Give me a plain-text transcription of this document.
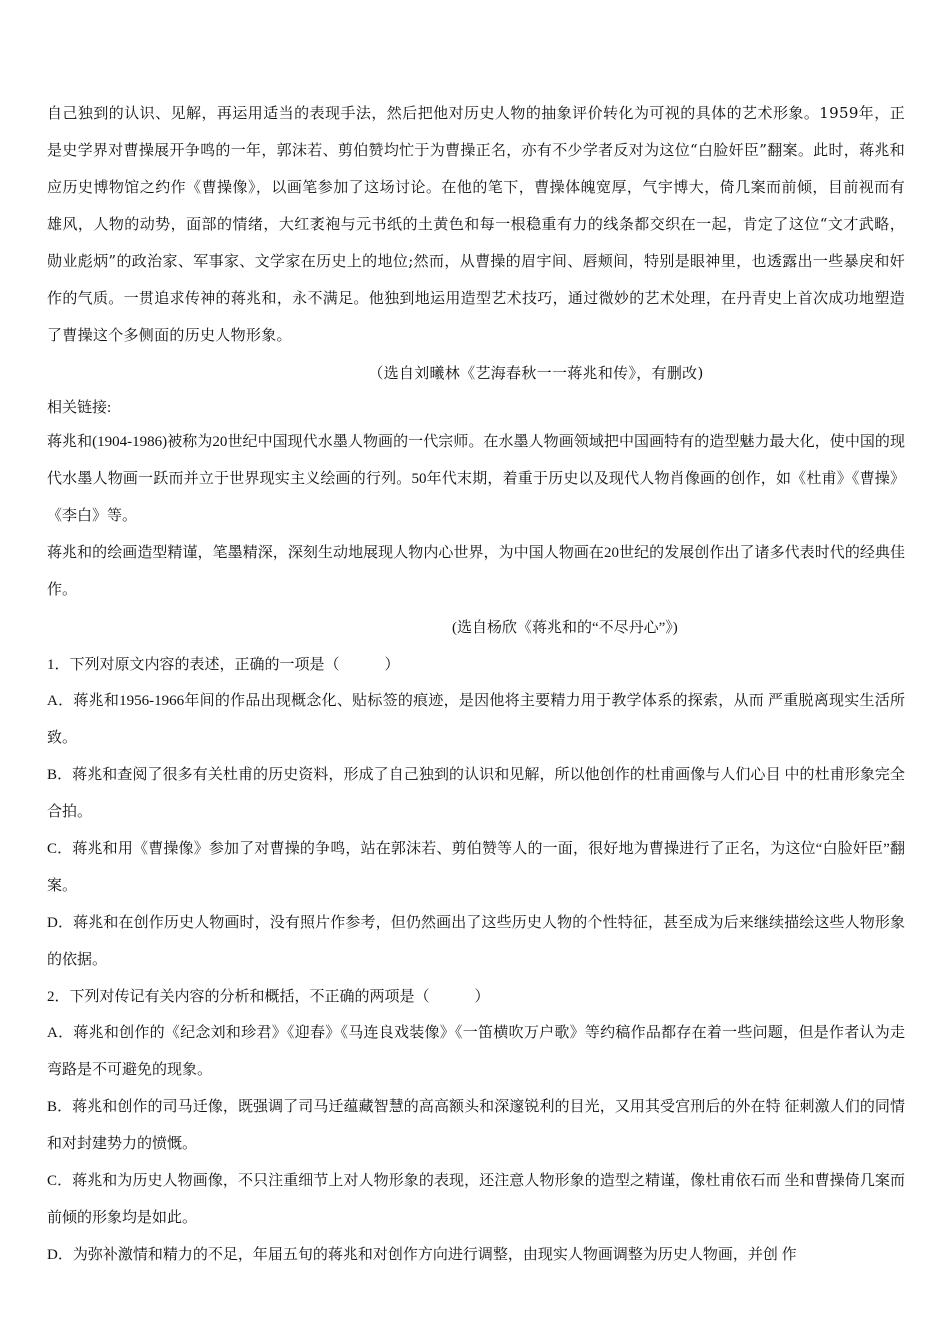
自己独到的认识、见解，再运用适当的表现手法，然后把他对历史人物的抽象评价转化为可视的具体的艺术形象。1959年，正是史学界对曹操展开争鸣的一年，郭沫若、剪伯赞均忙于为曹操正名，亦有不少学者反对为这位“白脸奸臣”翻案。此时，蒋兆和应历史博物馆之约作《曹操像》，以画笔参加了这场讨论。在他的笔下，曹操体魄宽厚，气宇博大，倚几案而前倾，目前视而有雄风，人物的动势，面部的情绪，大红袤袍与元书纸的土黄色和每一根稳重有力的线条都交织在一起，肯定了这位“文才武略，勋业彪炳”的政治家、军事家、文学家在历史上的地位;然而，从曹操的眉宇间、唇颊间，特别是眼神里，也透露出一些暴戾和奸作的气质。一贯追求传神的蒋兆和，永不满足。他独到地运用造型艺术技巧，通过微妙的艺术处理，在丹青史上首次成功地塑造了曹操这个多侧面的历史人物形象。

（选自刘曦林《艺海春秋一一蒋兆和传》，有删改)

相关链接:

蒋兆和(1904-1986)被称为20世纪中国现代水墨人物画的一代宗师。在水墨人物画领域把中国画特有的造型魅力最大化，使中国的现代水墨人物画一跃而并立于世界现实主义绘画的行列。50年代末期，着重于历史以及现代人物肖像画的创作，如《杜甫》《曹操》《李白》等。

蒋兆和的绘画造型精谨，笔墨精深，深刻生动地展现人物内心世界，为中国人物画在20世纪的发展创作出了诸多代表时代的经典佳作。

(选自杨欣《蒋兆和的“不尽丹心”》)

1．下列对原文内容的表述，正确的一项是（　　　）

A．蒋兆和1956-1966年间的作品出现概念化、贴标签的痕迹，是因他将主要精力用于教学体系的探索，从而 严重脱离现实生活所致。

B．蒋兆和查阅了很多有关杜甫的历史资料，形成了自己独到的认识和见解，所以他创作的杜甫画像与人们心目 中的杜甫形象完全合拍。

C．蒋兆和用《曹操像》参加了对曹操的争鸣，站在郭沫若、剪伯赞等人的一面，很好地为曹操进行了正名，为这位“白脸奸臣”翻案。

D．蒋兆和在创作历史人物画时，没有照片作参考，但仍然画出了这些历史人物的个性特征，甚至成为后来继续描绘这些人物形象的依据。

2．下列对传记有关内容的分析和概括，不正确的两项是（　　　）

A．蒋兆和创作的《纪念刘和珍君》《迎春》《马连良戏装像》《一笛横吹万户歌》等约稿作品都存在着一些问题，但是作者认为走弯路是不可避免的现象。

B．蒋兆和创作的司马迁像，既强调了司马迁蕴藏智慧的高高额头和深邃锐利的目光，又用其受宫刑后的外在特 征刺激人们的同情和对封建势力的愤慨。

C．蒋兆和为历史人物画像，不只注重细节上对人物形象的表现，还注意人物形象的造型之精谨，像杜甫依石而 坐和曹操倚几案而前倾的形象均是如此。

D．为弥补激情和精力的不足，年届五旬的蒋兆和对创作方向进行调整，由现实人物画调整为历史人物画，并创 作
